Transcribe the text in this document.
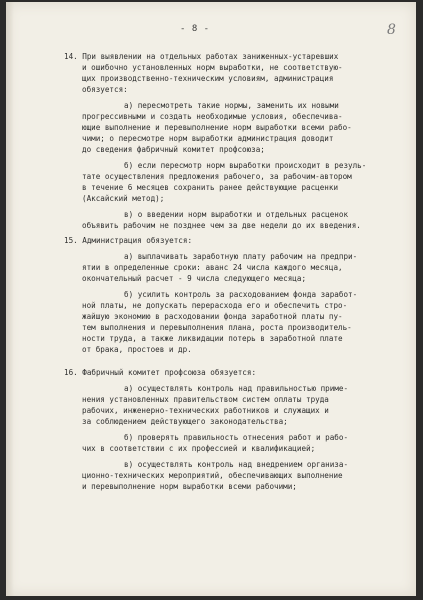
- 8 -	8
14. При выявлении на отдельных работах заниженных-устаревших
и ошибочно установленных норм выработки, не соответствую-
щих производственно-техническим условиям, администрация
обязуется:
а) пересмотреть такие нормы, заменить их новыми
прогрессивными и создать необходимые условия, обеспечива-
ющие выполнение и перевыполнение норм выработки всеми рабо-
чими; о пересмотре норм выработки администрация доводит
до сведения фабричный комитет профсоюза;
б) если пересмотр норм выработки происходит в резуль-
тате осуществления предложения рабочего, за рабочим-автором
в течение 6 месяцев сохранить ранее действующие расценки
(Аксайский метод);
в) о введении норм выработки и отдельных расценок
объявить рабочим не позднее чем за две недели до их введения.
15. Администрация обязуется:
а) выплачивать заработную плату рабочим на предпри-
ятии в определенные сроки: аванс 24 числа каждого месяца,
окончательный расчет - 9 числа следующего месяца;
б) усилить контроль за расходованием фонда заработ-
ной платы, не допускать перерасхода его и обеспечить стро-
жайшую экономию в расходовании фонда заработной платы пу-
тем выполнения и перевыполнения плана, роста производитель-
ности труда, а также ликвидации потерь в заработной плате
от брака, простоев и др.
16. Фабричный комитет профсоюза обязуется:
а) осуществлять контроль над правильностью приме-
нения установленных правительством систем оплаты труда
рабочих, инженерно-технических работников и служащих и
за соблюдением действующего законодательства;
б) проверять правильность отнесения работ и рабо-
чих в соответствии с их профессией и квалификацией;
в) осуществлять контроль над внедрением организа-
ционно-технических мероприятий, обеспечивающих выполнение
и перевыполнение норм выработки всеми рабочими;
